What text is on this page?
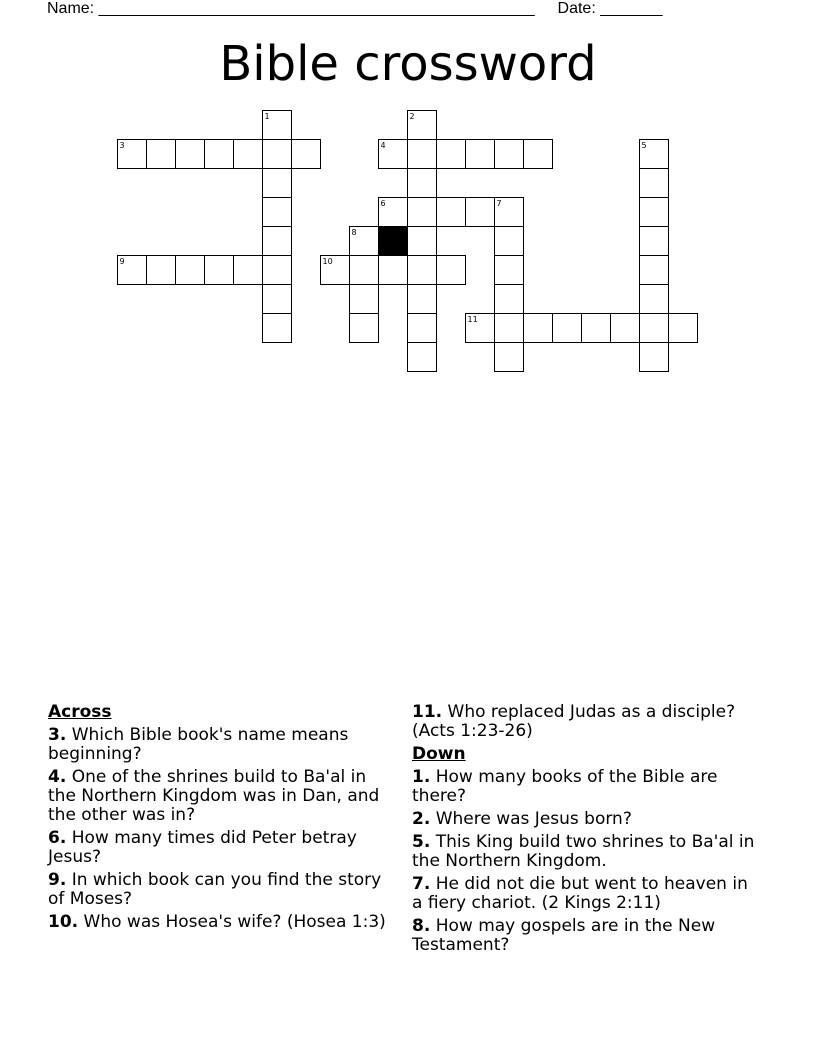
Name: _________________________________________________ Date: _______
Bible crossword
1	2
3	4	5
6	7
8
9	10
11
Across
3. Which Bible book's name means beginning?
4. One of the shrines build to Ba'al in the Northern Kingdom was in Dan, and the other was in?
6. How many times did Peter betray Jesus?
9. In which book can you find the story of Moses?
10. Who was Hosea's wife? (Hosea 1:3)
11. Who replaced Judas as a disciple? (Acts 1:23-26)
Down
1. How many books of the Bible are there?
2. Where was Jesus born?
5. This King build two shrines to Ba'al in the Northern Kingdom.
7. He did not die but went to heaven in a fiery chariot. (2 Kings 2:11)
8. How may gospels are in the New Testament?
